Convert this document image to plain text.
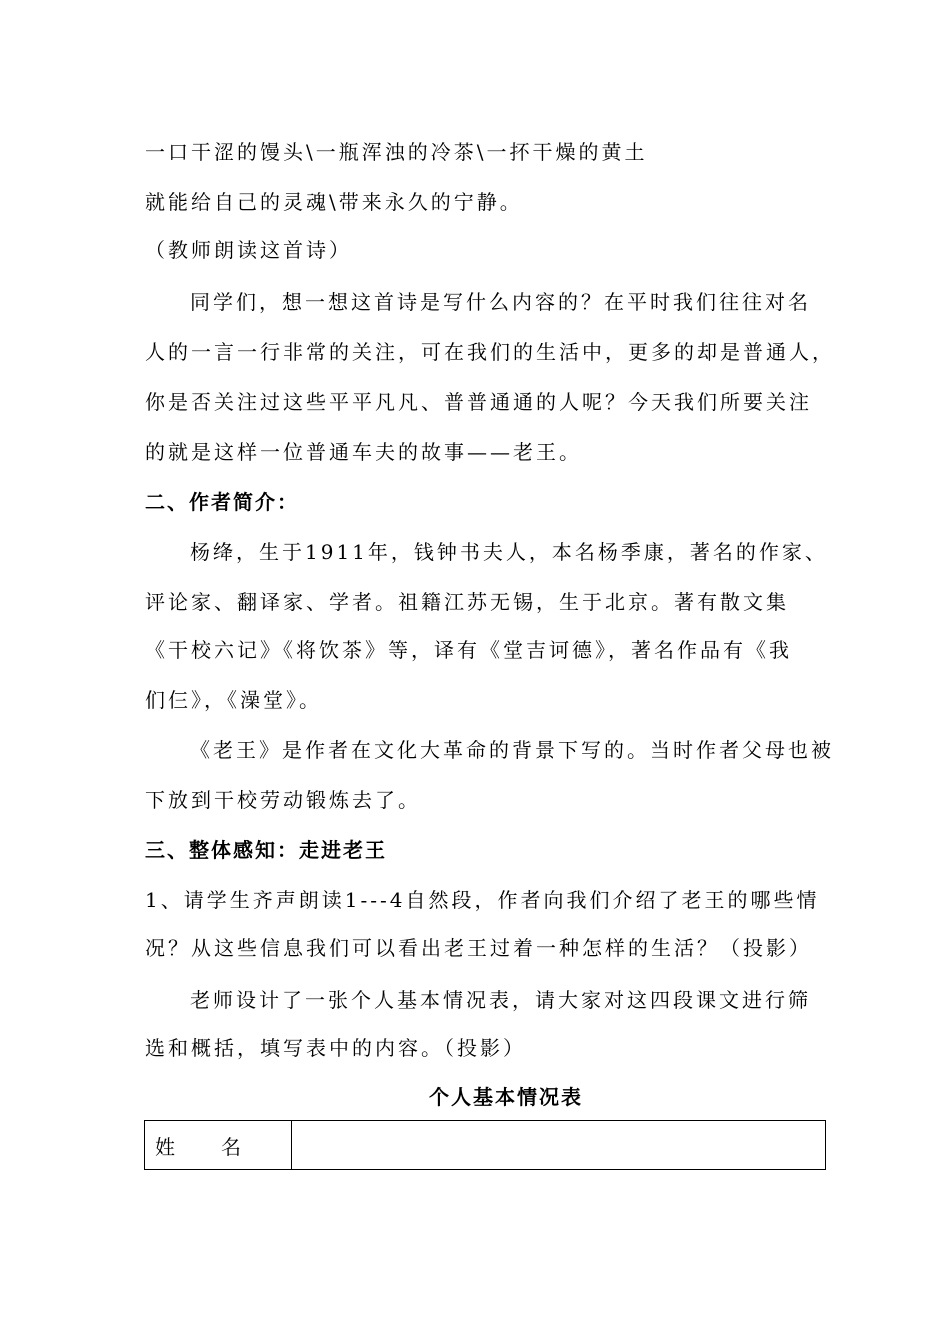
一口干涩的馒头\一瓶浑浊的冷茶\一抔干燥的黄土
就能给自己的灵魂\带来永久的宁静。
（教师朗读这首诗）
同学们，想一想这首诗是写什么内容的？在平时我们往往对名
人的一言一行非常的关注，可在我们的生活中，更多的却是普通人，
你是否关注过这些平平凡凡、普普通通的人呢？今天我们所要关注
的就是这样一位普通车夫的故事——老王。
二、作者简介：
杨绛，生于1911年，钱钟书夫人，本名杨季康，著名的作家、
评论家、翻译家、学者。祖籍江苏无锡，生于北京。著有散文集
《干校六记》《将饮茶》等，译有《堂吉诃德》，著名作品有《我
们仨》，《澡堂》。
《老王》是作者在文化大革命的背景下写的。当时作者父母也被
下放到干校劳动锻炼去了。
三、整体感知：走进老王
1、请学生齐声朗读1---4自然段，作者向我们介绍了老王的哪些情
况？从这些信息我们可以看出老王过着一种怎样的生活？（投影）
老师设计了一张个人基本情况表，请大家对这四段课文进行筛
选和概括，填写表中的内容。（投影）
个人基本情况表
姓　　名	
